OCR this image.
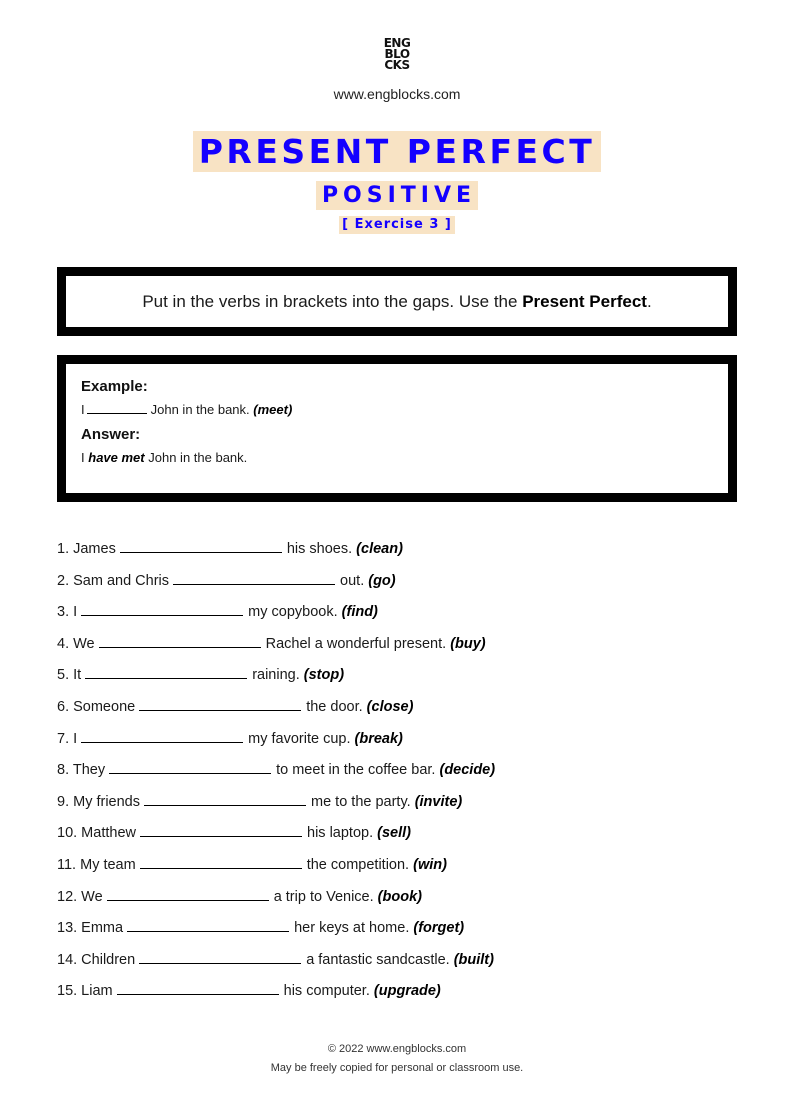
ENG
BLO
CKS
www.engblocks.com
PRESENT PERFECT
POSITIVE
[ Exercise 3 ]
Put in the verbs in brackets into the gaps. Use the Present Perfect.
Example:
I	John in the bank. (meet)
Answer:
I have met John in the bank.
1. James	his shoes. (clean)
2. Sam and Chris	out. (go)
3. I	my copybook. (find)
4. We	Rachel a wonderful present. (buy)
5. It	raining. (stop)
6. Someone	the door. (close)
7. I	my favorite cup. (break)
8. They	to meet in the coffee bar. (decide)
9. My friends	me to the party. (invite)
10. Matthew	his laptop. (sell)
11. My team	the competition. (win)
12. We	a trip to Venice. (book)
13. Emma	her keys at home. (forget)
14. Children	a fantastic sandcastle. (built)
15. Liam	his computer. (upgrade)
© 2022 www.engblocks.com
May be freely copied for personal or classroom use.
